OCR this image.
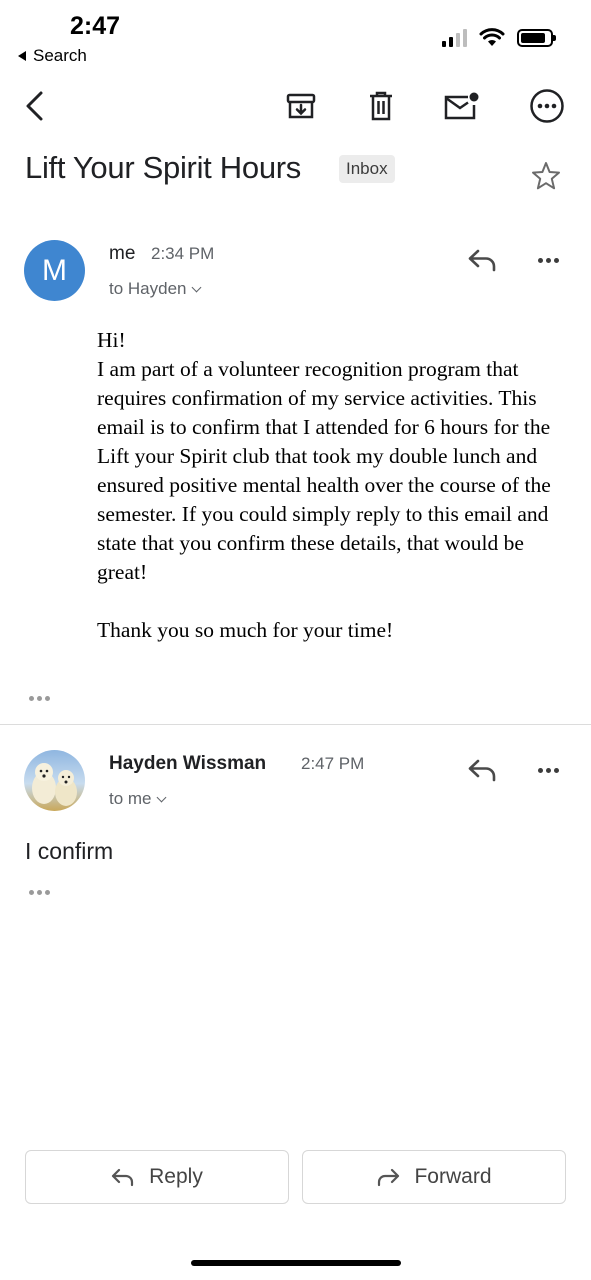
2:47
Search
Lift Your Spirit Hours	Inbox
M	me 2:34 PM
to Hayden

Hi!

I am part of a volunteer recognition program that requires confirmation of my service activities. This email is to confirm that I attended for 6 hours for the Lift your Spirit club that took my double lunch and ensured positive mental health over the course of the semester. If you could simply reply to this email and state that you confirm these details, that would be great!

Thank you so much for your time!

Hayden Wissman 2:47 PM
to me
I confirm
Reply	Forward
